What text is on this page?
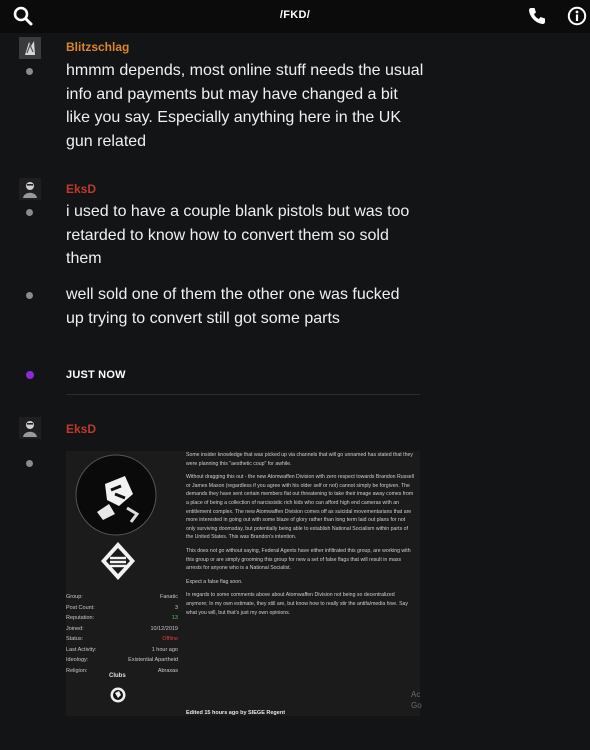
/FKD/
Blitzschlag
hmmm depends, most online stuff needs the usual info and payments but may have changed a bit like you say. Especially anything here in the UK gun related
EksD
i used to have a couple blank pistols but was too retarded to know how to convert them so sold them
well sold one of them the other one was fucked up trying to convert still got some parts
JUST NOW
EksD
Group:	Fanatic
Post Count:	3
Reputation:	13
Joined:	10/12/2019
Status:	Offline
Last Activity:	1 hour ago
Ideology:	Existential Apartheid
Religion:	Abraxas
Clubs

Some insider knowledge that was picked up via channels that will go unnamed has stated that they were planning this "aesthetic coup" for awhile.

Without dragging this out - the new Atomwaffen Division with zero respect towards Brandon Russell or James Mason (regardless if you agree with his older self or not) cannot simply be forgiven. The demands they have sent certain members flat out threatening to take their image away comes from a place of being a collection of narcissistic rich kids who can afford high end cameras with an entitlement complex. The new Atomwaffen Division comes off as suicidal movementarians that are more interested in going out with some blaze of glory rather than long term laid out plans for not only surviving doomsday, but potentially being able to establish National Socialism within parts of the United States. This was Brandon's intention.

This does not go without saying, Federal Agents have either infiltrated this group, are working with this group or are simply grooming this group for new a set of false flags that will result in mass arrests for anyone who is a National Socialist.

Expect a false flag soon.

In regards to some comments above about Atomwaffen Division not being so decentralized anymore; In my own estimate, they still are, but know how to really stir the antifa/media hive. Say what you will, but that's just my own opinions.

Ac
Go
Edited 15 hours ago by SIEGE Regent
